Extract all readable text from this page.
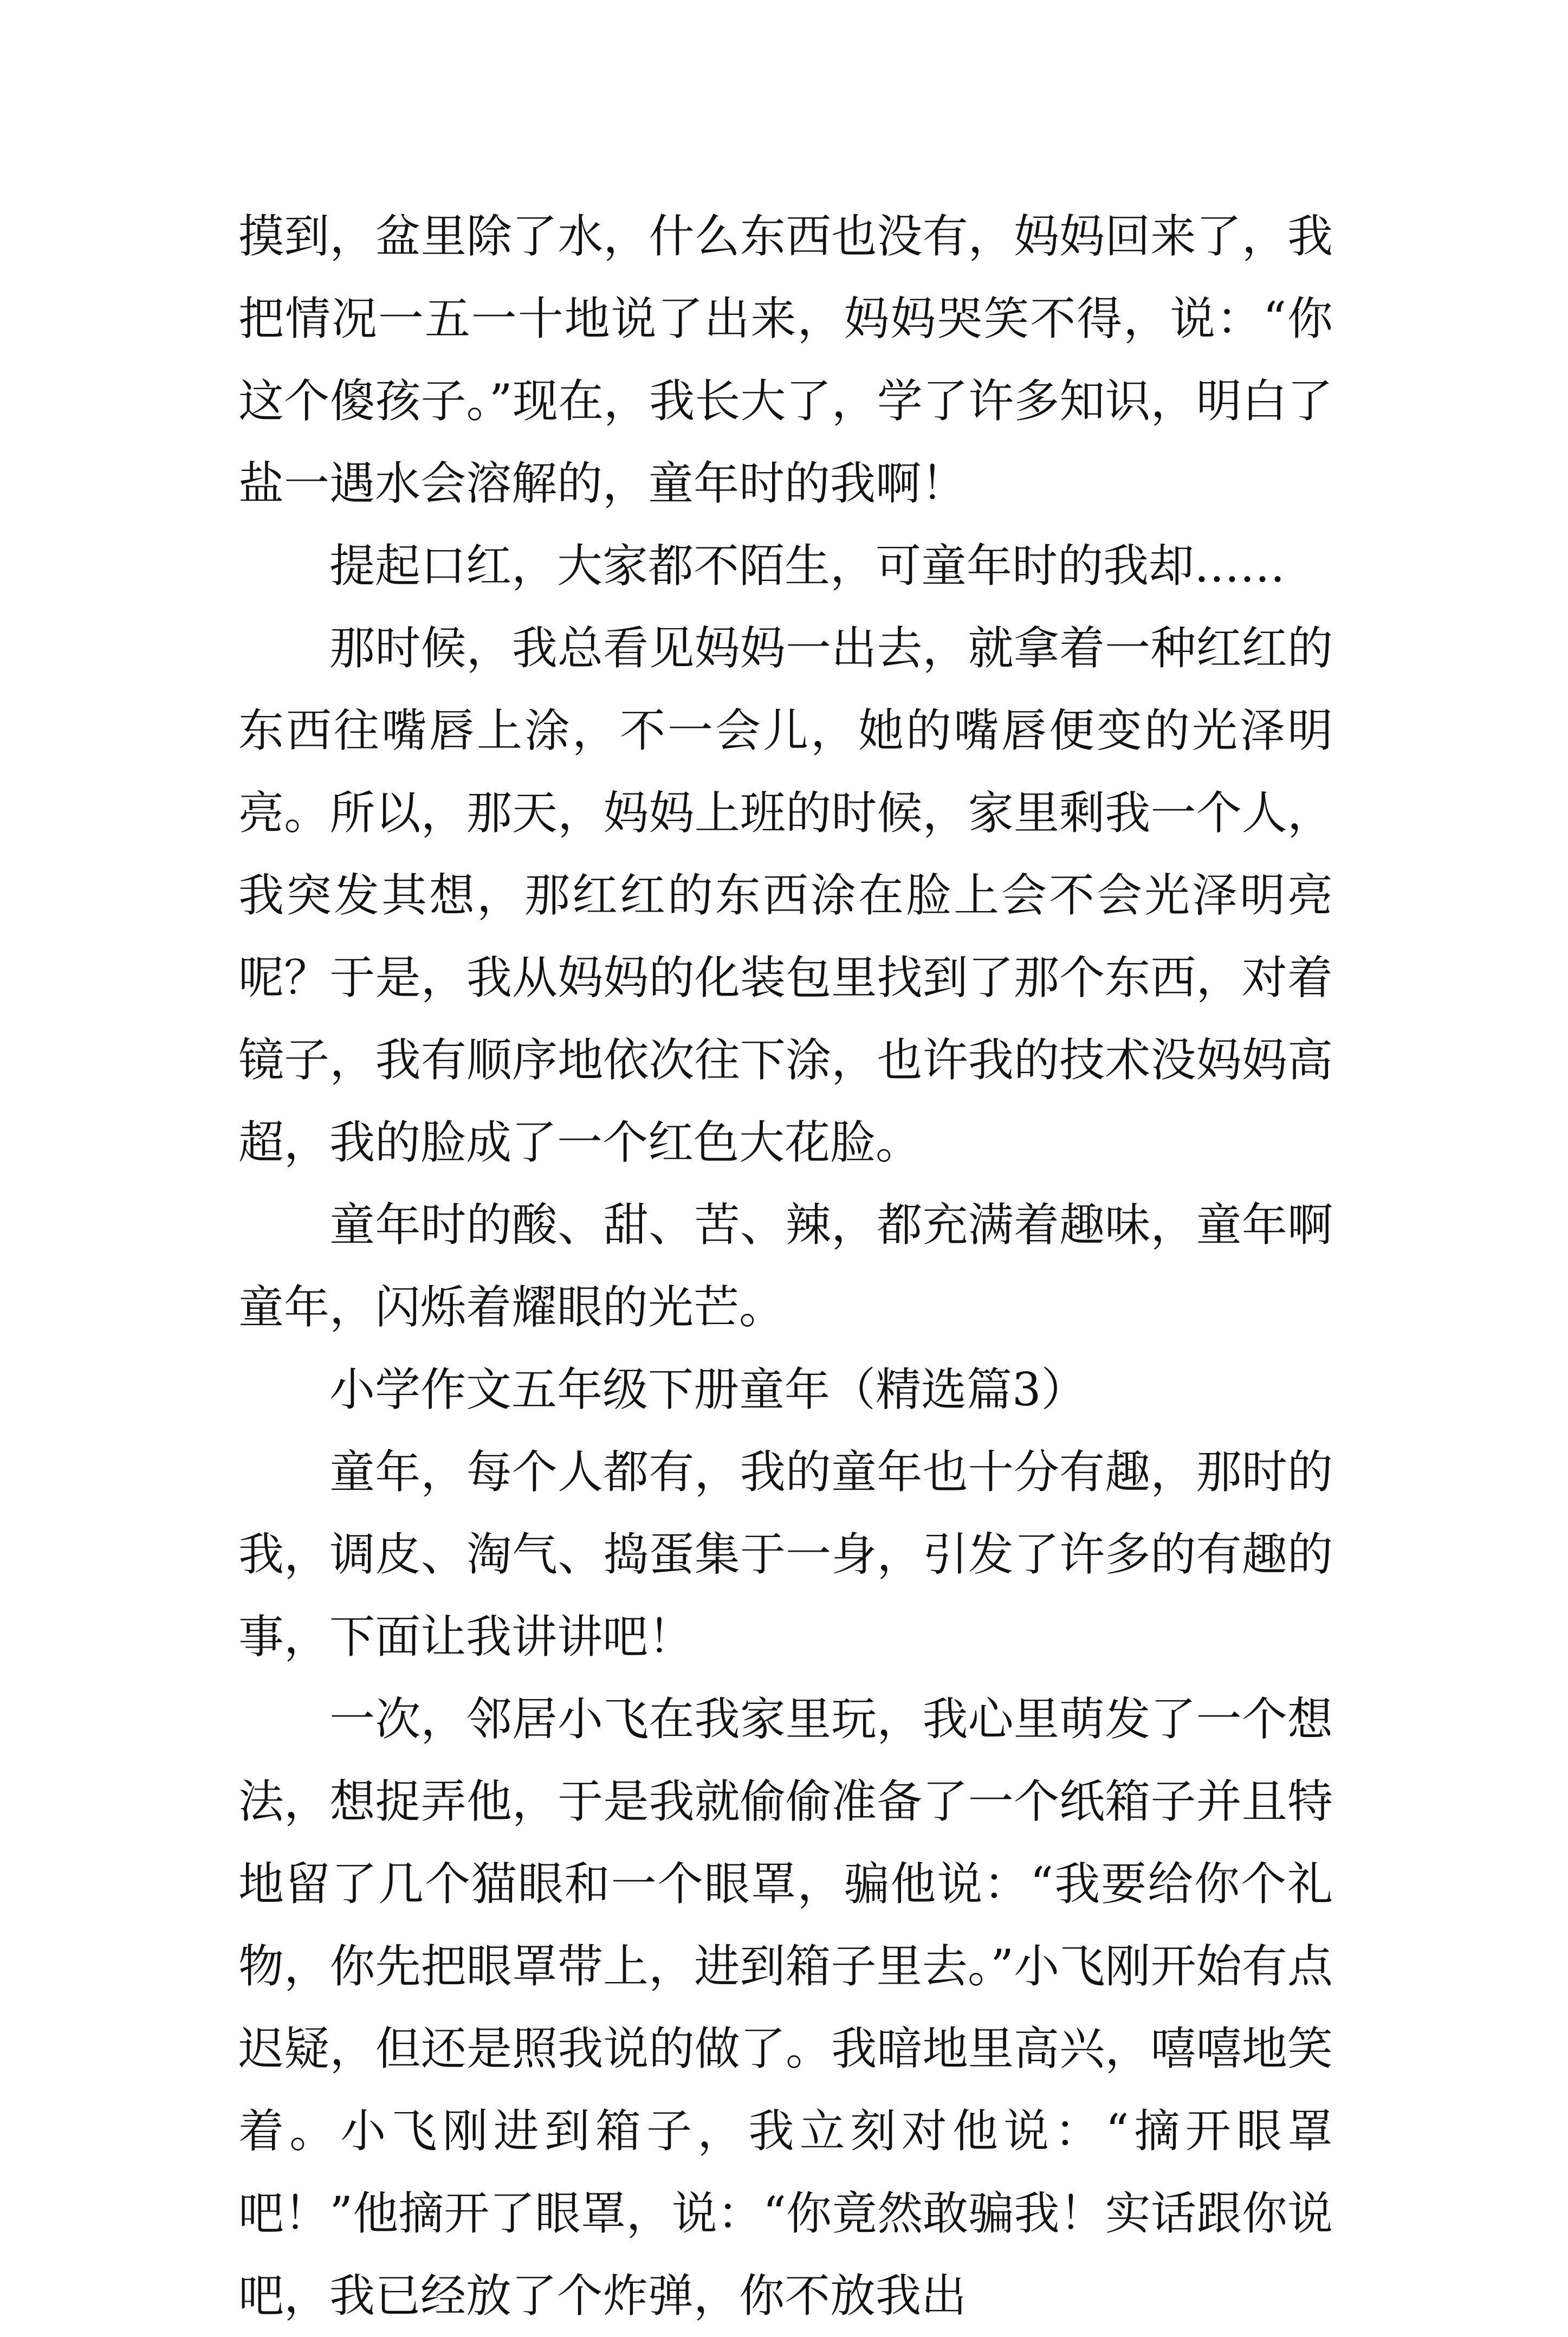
摸到，盆里除了水，什么东西也没有，妈妈回来了，我把情况一五一十地说了出来，妈妈哭笑不得，说：“你这个傻孩子。”现在，我长大了，学了许多知识，明白了盐一遇水会溶解的，童年时的我啊！

提起口红，大家都不陌生，可童年时的我却……

那时候，我总看见妈妈一出去，就拿着一种红红的东西往嘴唇上涂，不一会儿，她的嘴唇便变的光泽明亮。所以，那天，妈妈上班的时候，家里剩我一个人，我突发其想，那红红的东西涂在脸上会不会光泽明亮呢？于是，我从妈妈的化装包里找到了那个东西，对着镜子，我有顺序地依次往下涂，也许我的技术没妈妈高超，我的脸成了一个红色大花脸。

童年时的酸、甜、苦、辣，都充满着趣味，童年啊童年，闪烁着耀眼的光芒。

小学作文五年级下册童年（精选篇3）

童年，每个人都有，我的童年也十分有趣，那时的我，调皮、淘气、捣蛋集于一身，引发了许多的有趣的事，下面让我讲讲吧！

一次，邻居小飞在我家里玩，我心里萌发了一个想法，想捉弄他，于是我就偷偷准备了一个纸箱子并且特地留了几个猫眼和一个眼罩，骗他说：“我要给你个礼物，你先把眼罩带上，进到箱子里去。”小飞刚开始有点迟疑，但还是照我说的做了。我暗地里高兴，嘻嘻地笑着。小飞刚进到箱子，我立刻对他说：“摘开眼罩吧！”他摘开了眼罩，说：“你竟然敢骗我！实话跟你说吧，我已经放了个炸弹，你不放我出
